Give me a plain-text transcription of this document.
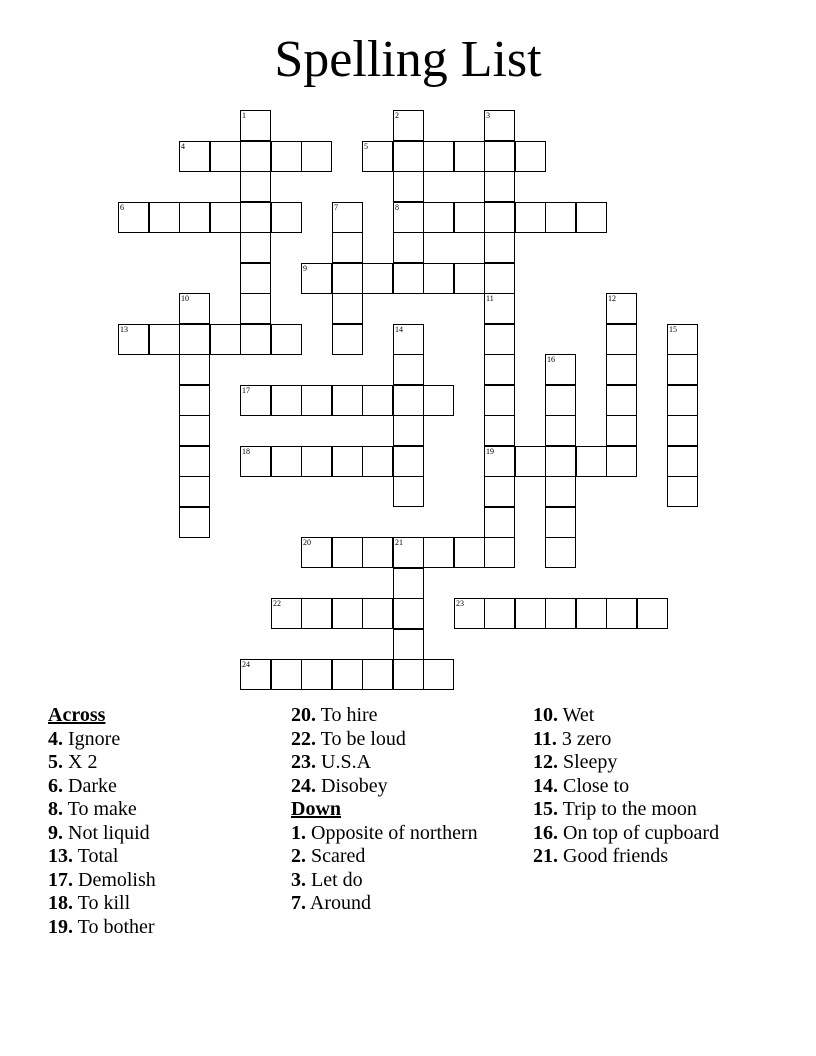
Spelling List
1	2
8
3
4	5
6	7
9
10	11
19
12
13	14	15
16
17
18
20	21
22	23
24
Across
4. Ignore
5. X 2
6. Darke
8. To make
9. Not liquid
13. Total
17. Demolish
18. To kill
19. To bother
20. To hire
22. To be loud
23. U.S.A
24. Disobey
Down
1. Opposite of northern
2. Scared
3. Let do
7. Around
10. Wet
11. 3 zero
12. Sleepy
14. Close to
15. Trip to the moon
16. On top of cupboard
21. Good friends
